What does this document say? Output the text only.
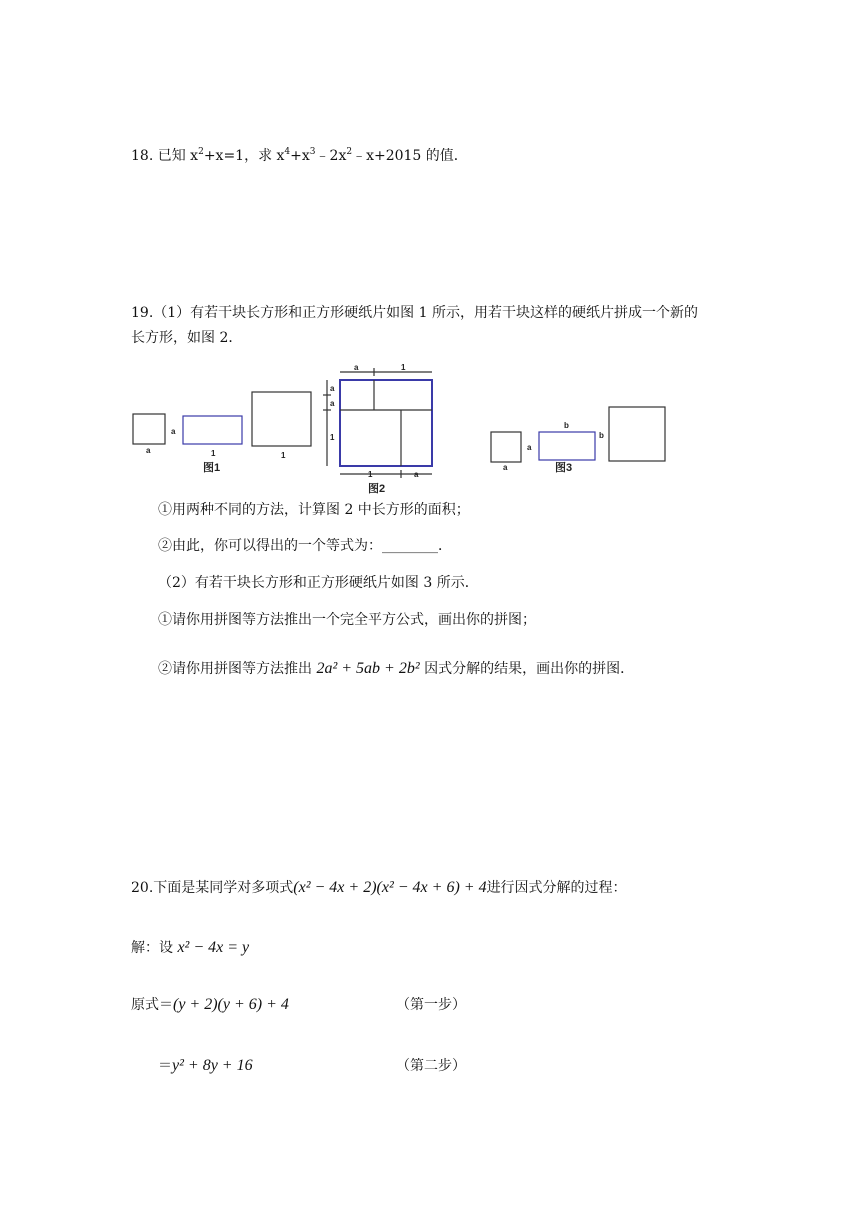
18. 已知 $x^2+x=1$，求 $x^4+x^3﹣2x^2﹣x+2015$ 的值．
19.（1）有若干块长方形和正方形硬纸片如图 1 所示，用若干块这样的硬纸片拼成一个新的
长方形，如图 2．
a
a
1	1
图1
a	1
a
a
1
1	a
图2
a
a
b
b
图3
①用两种不同的方法，计算图 2 中长方形的面积；
②由此，你可以得出的一个等式为：________．
（2）有若干块长方形和正方形硬纸片如图 3 所示．
①请你用拼图等方法推出一个完全平方公式，画出你的拼图；
②请你用拼图等方法推出 2a² + 5ab + 2b² 因式分解的结果，画出你的拼图．
20.下面是某同学对多项式(x² − 4x + 2)(x² − 4x + 6) + 4进行因式分解的过程：
解：设 x² − 4x = y
原式＝(y + 2)(y + 6) + 4	（第一步）
＝y² + 8y + 16	（第二步）
